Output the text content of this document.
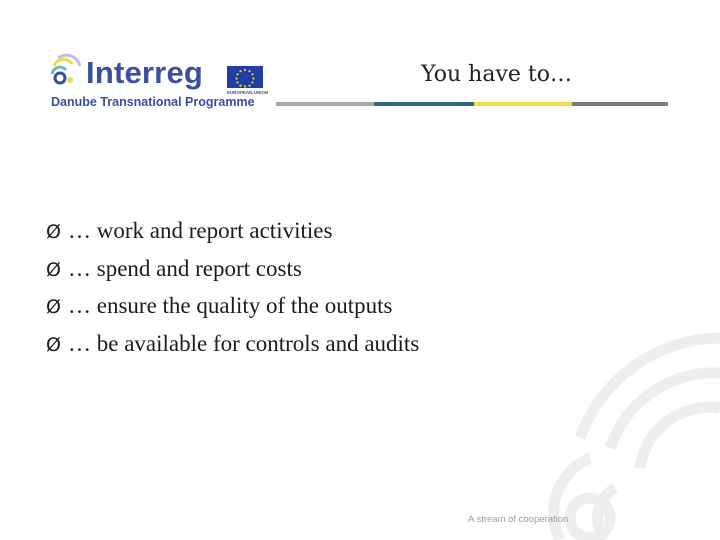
Interreg
EUROPEAN UNION
Danube Transnational Programme
You have to…
Ø … work and report activities
Ø … spend and report costs
Ø … ensure the quality of the outputs
Ø … be available for controls and audits
A stream of cooperation
